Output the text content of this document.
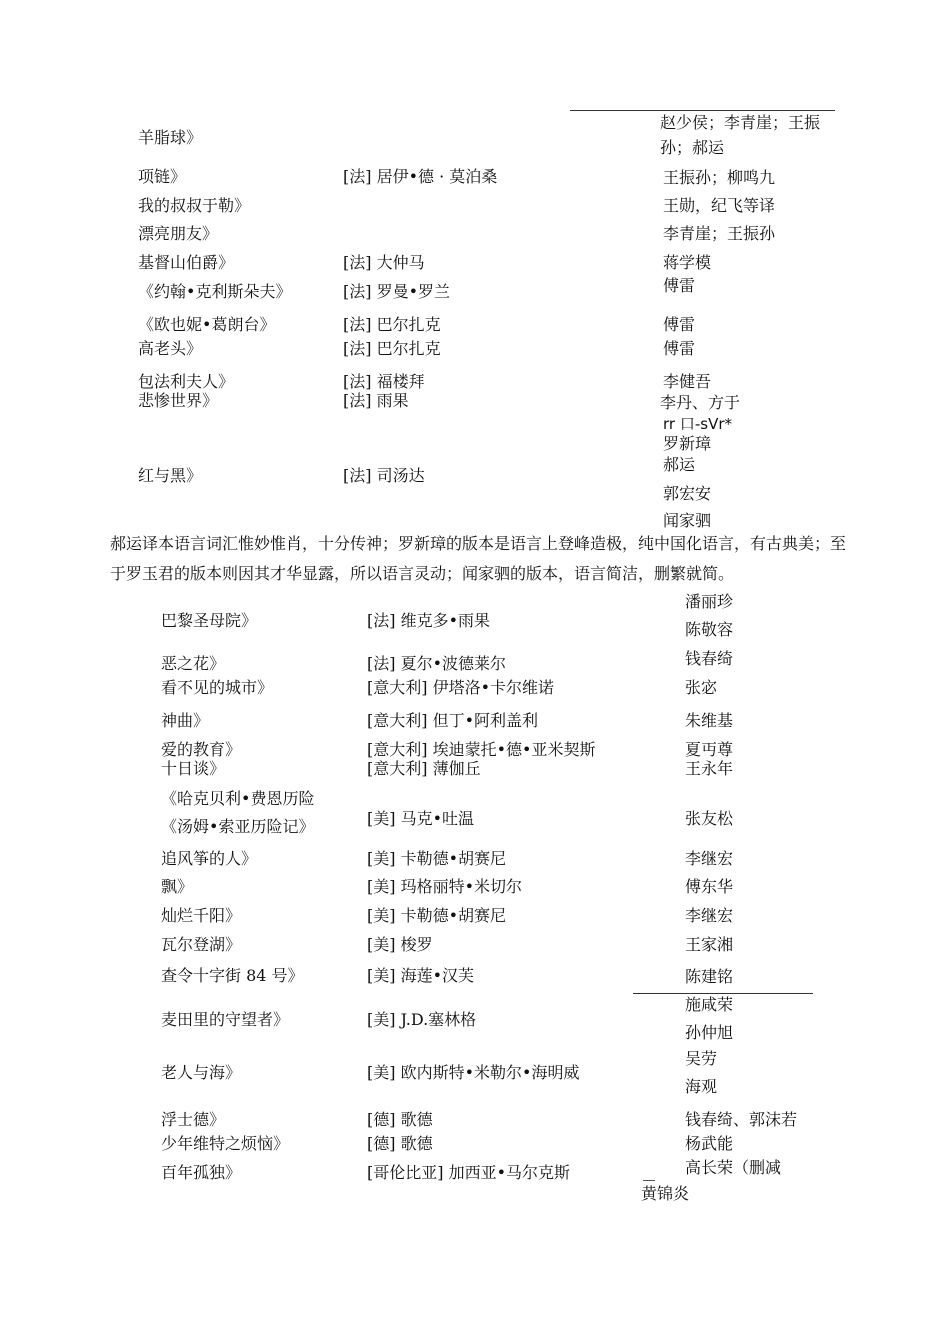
羊脂球》
项链》
我的叔叔于勒》
漂亮朋友》
基督山伯爵》
《约翰•克利斯朵夫》
《欧也妮•葛朗台》
高老头》
包法利夫人》
悲惨世界》
红与黑》
[法] 居伊•德 · 莫泊桑
[法] 大仲马
[法] 罗曼•罗兰
[法] 巴尔扎克
[法] 巴尔扎克
[法] 福楼拜
[法] 雨果
[法] 司汤达
赵少侯；李青崖；王振
孙；郝运
王振孙；柳鸣九
王勋，纪飞等译
李青崖；王振孙
蒋学模
傅雷
傅雷
傅雷
李健吾
李丹、方于
rr 口-sVr*
罗新璋
郝运
郭宏安
闻家驷
郝运译本语言词汇惟妙惟肖，十分传神；罗新璋的版本是语言上登峰造极，纯中国化语言，有古典美；至于罗玉君的版本则因其才华显露，所以语言灵动；闻家驷的版本，语言简洁，删繁就简。
巴黎圣母院》
恶之花》
看不见的城市》
神曲》
爱的教育》
十日谈》
《哈克贝利•费恩历险
《汤姆•索亚历险记》
追风筝的人》
飘》
灿烂千阳》
瓦尔登湖》
查令十字街 84 号》
麦田里的守望者》
老人与海》
浮士德》
少年维特之烦恼》
百年孤独》
[法] 维克多•雨果
[法] 夏尔•波德莱尔
[意大利] 伊塔洛•卡尔维诺
[意大利] 但丁•阿利盖利
[意大利] 埃迪蒙托•德•亚米契斯
[意大利] 薄伽丘
[美] 马克•吐温
[美] 卡勒德•胡赛尼
[美] 玛格丽特•米切尔
[美] 卡勒德•胡赛尼
[美] 梭罗
[美] 海莲•汉芙
[美] J.D.塞林格
[美] 欧内斯特•米勒尔•海明威
[德] 歌德
[德] 歌德
[哥伦比亚] 加西亚•马尔克斯
潘丽珍
陈敬容
钱春绮
张宓
朱维基
夏丏尊
王永年
张友松
李继宏
傅东华
李继宏
王家湘
陈建铭
施咸荣
孙仲旭
吴劳
海观
钱春绮、郭沫若
杨武能
高长荣（删减
黄锦炎
